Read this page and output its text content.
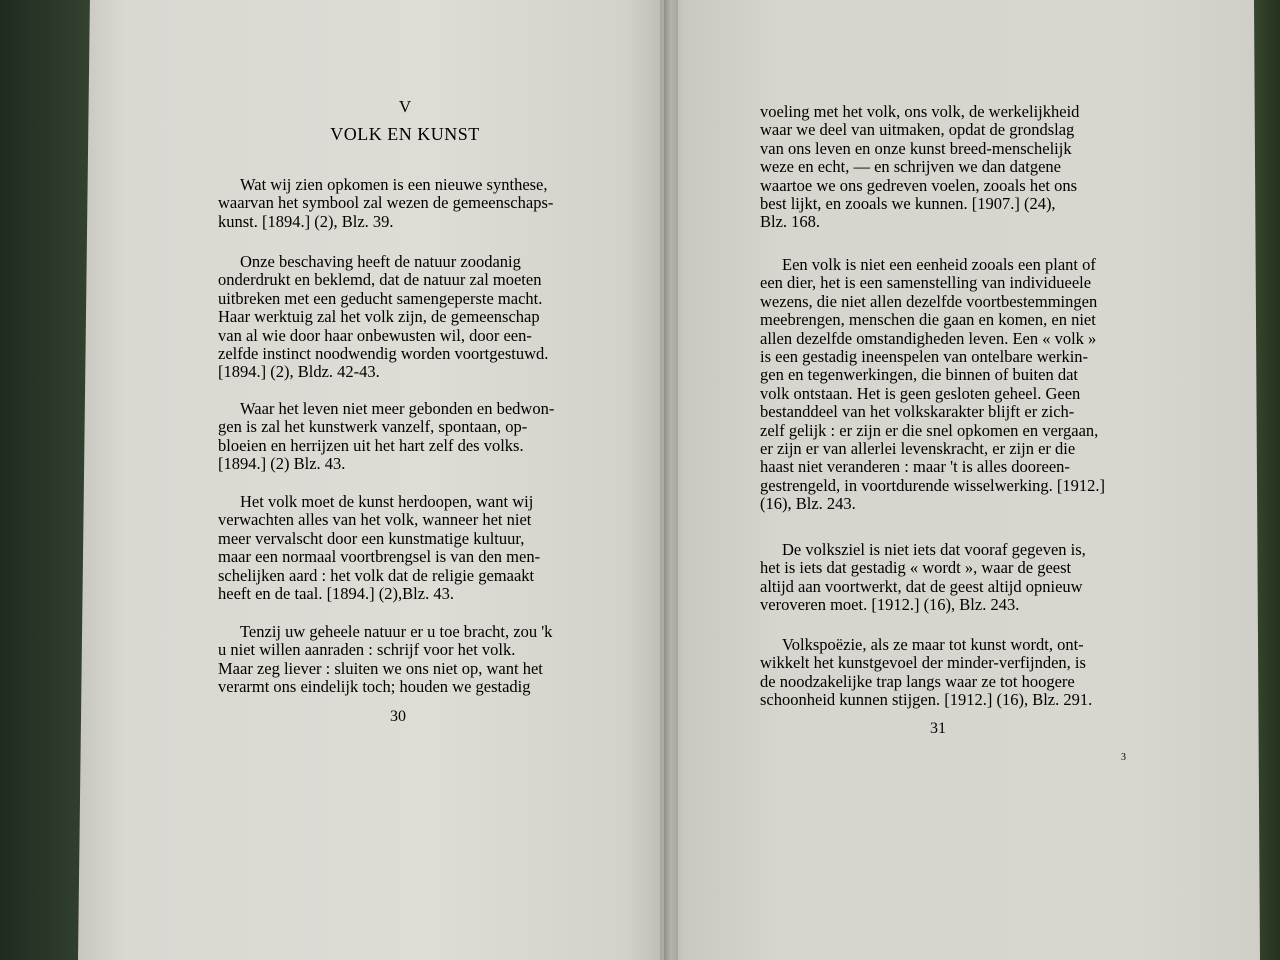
V
VOLK EN KUNST
Wat wij zien opkomen is een nieuwe synthese,
waarvan het symbool zal wezen de gemeenschaps-
kunst. [1894.] (2), Blz. 39.
Onze beschaving heeft de natuur zoodanig
onderdrukt en beklemd, dat de natuur zal moeten
uitbreken met een geducht samengeperste macht.
Haar werktuig zal het volk zijn, de gemeenschap
van al wie door haar onbewusten wil, door een-
zelfde instinct noodwendig worden voortgestuwd.
[1894.] (2), Bldz. 42-43.
Waar het leven niet meer gebonden en bedwon-
gen is zal het kunstwerk vanzelf, spontaan, op-
bloeien en herrijzen uit het hart zelf des volks.
[1894.] (2) Blz. 43.
Het volk moet de kunst herdoopen, want wij
verwachten alles van het volk, wanneer het niet
meer vervalscht door een kunstmatige kultuur,
maar een normaal voortbrengsel is van den men-
schelijken aard : het volk dat de religie gemaakt
heeft en de taal. [1894.] (2),Blz. 43.
Tenzij uw geheele natuur er u toe bracht, zou 'k
u niet willen aanraden : schrijf voor het volk.
Maar zeg liever : sluiten we ons niet op, want het
verarmt ons eindelijk toch; houden we gestadig
30
voeling met het volk, ons volk, de werkelijkheid
waar we deel van uitmaken, opdat de grondslag
van ons leven en onze kunst breed-menschelijk
weze en echt, — en schrijven we dan datgene
waartoe we ons gedreven voelen, zooals het ons
best lijkt, en zooals we kunnen. [1907.] (24),
Blz. 168.
Een volk is niet een eenheid zooals een plant of
een dier, het is een samenstelling van individueele
wezens, die niet allen dezelfde voortbestemmingen
meebrengen, menschen die gaan en komen, en niet
allen dezelfde omstandigheden leven. Een « volk »
is een gestadig ineenspelen van ontelbare werkin-
gen en tegenwerkingen, die binnen of buiten dat
volk ontstaan. Het is geen gesloten geheel. Geen
bestanddeel van het volkskarakter blijft er zich-
zelf gelijk : er zijn er die snel opkomen en vergaan,
er zijn er van allerlei levenskracht, er zijn er die
haast niet veranderen : maar 't is alles dooreen-
gestrengeld, in voortdurende wisselwerking. [1912.]
(16), Blz. 243.
De volksziel is niet iets dat vooraf gegeven is,
het is iets dat gestadig « wordt », waar de geest
altijd aan voortwerkt, dat de geest altijd opnieuw
veroveren moet. [1912.] (16), Blz. 243.
Volkspoëzie, als ze maar tot kunst wordt, ont-
wikkelt het kunstgevoel der minder-verfijnden, is
de noodzakelijke trap langs waar ze tot hoogere
schoonheid kunnen stijgen. [1912.] (16), Blz. 291.
31
3
